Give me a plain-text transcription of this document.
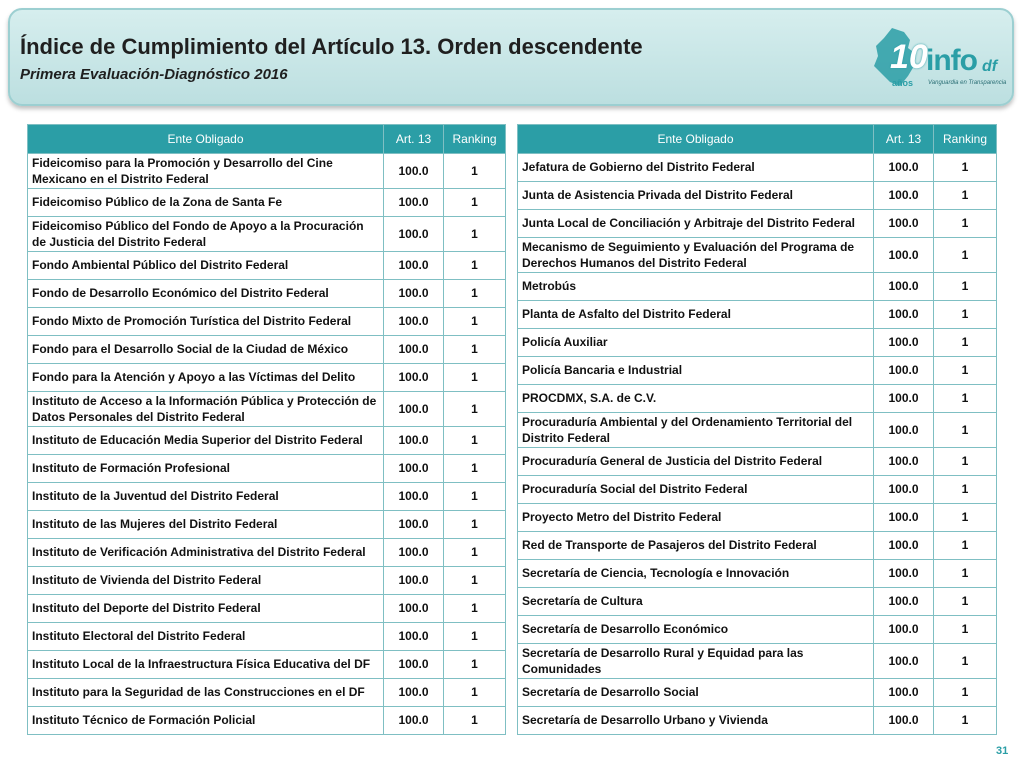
Índice de Cumplimiento del Artículo 13. Orden descendente
Primera Evaluación-Diagnóstico 2016	10
info df
años Vanguardia en Transparencia
Ente Obligado	Art. 13	Ranking
Fideicomiso para la Promoción y Desarrollo del Cine Mexicano en el Distrito Federal	100.0	1
Fideicomiso Público de la Zona de Santa Fe	100.0	1
Fideicomiso Público del Fondo de Apoyo a la Procuración de Justicia del Distrito Federal	100.0	1
Fondo Ambiental Público del Distrito Federal	100.0	1
Fondo de Desarrollo Económico del Distrito Federal	100.0	1
Fondo Mixto de Promoción Turística del Distrito Federal	100.0	1
Fondo para el Desarrollo Social de la Ciudad de México	100.0	1
Fondo para la Atención y Apoyo a las Víctimas del Delito	100.0	1
Instituto de Acceso a la Información Pública y Protección de Datos Personales del Distrito Federal	100.0	1
Instituto de Educación Media Superior del Distrito Federal	100.0	1
Instituto de Formación Profesional	100.0	1
Instituto de la Juventud del Distrito Federal	100.0	1
Instituto de las Mujeres del Distrito Federal	100.0	1
Instituto de Verificación Administrativa del Distrito Federal	100.0	1
Instituto de Vivienda del Distrito Federal	100.0	1
Instituto del Deporte del Distrito Federal	100.0	1
Instituto Electoral del Distrito Federal	100.0	1
Instituto Local de la Infraestructura Física Educativa del DF	100.0	1
Instituto para la Seguridad de las Construcciones en el DF	100.0	1
Instituto Técnico de Formación Policial	100.0	1
Ente Obligado	Art. 13	Ranking
Jefatura de Gobierno del Distrito Federal	100.0	1
Junta de Asistencia Privada del Distrito Federal	100.0	1
Junta Local de Conciliación y Arbitraje del Distrito Federal	100.0	1
Mecanismo de Seguimiento y Evaluación del Programa de Derechos Humanos del Distrito Federal	100.0	1
Metrobús	100.0	1
Planta de Asfalto del Distrito Federal	100.0	1
Policía Auxiliar	100.0	1
Policía Bancaria e Industrial	100.0	1
PROCDMX, S.A. de C.V.	100.0	1
Procuraduría Ambiental y del Ordenamiento Territorial del Distrito Federal	100.0	1
Procuraduría General de Justicia del Distrito Federal	100.0	1
Procuraduría Social del Distrito Federal	100.0	1
Proyecto Metro del Distrito Federal	100.0	1
Red de Transporte de Pasajeros del Distrito Federal	100.0	1
Secretaría de Ciencia, Tecnología e Innovación	100.0	1
Secretaría de Cultura	100.0	1
Secretaría de Desarrollo Económico	100.0	1
Secretaría de Desarrollo Rural y Equidad para las Comunidades	100.0	1
Secretaría de Desarrollo Social	100.0	1
Secretaría de Desarrollo Urbano y Vivienda	100.0	1
31
